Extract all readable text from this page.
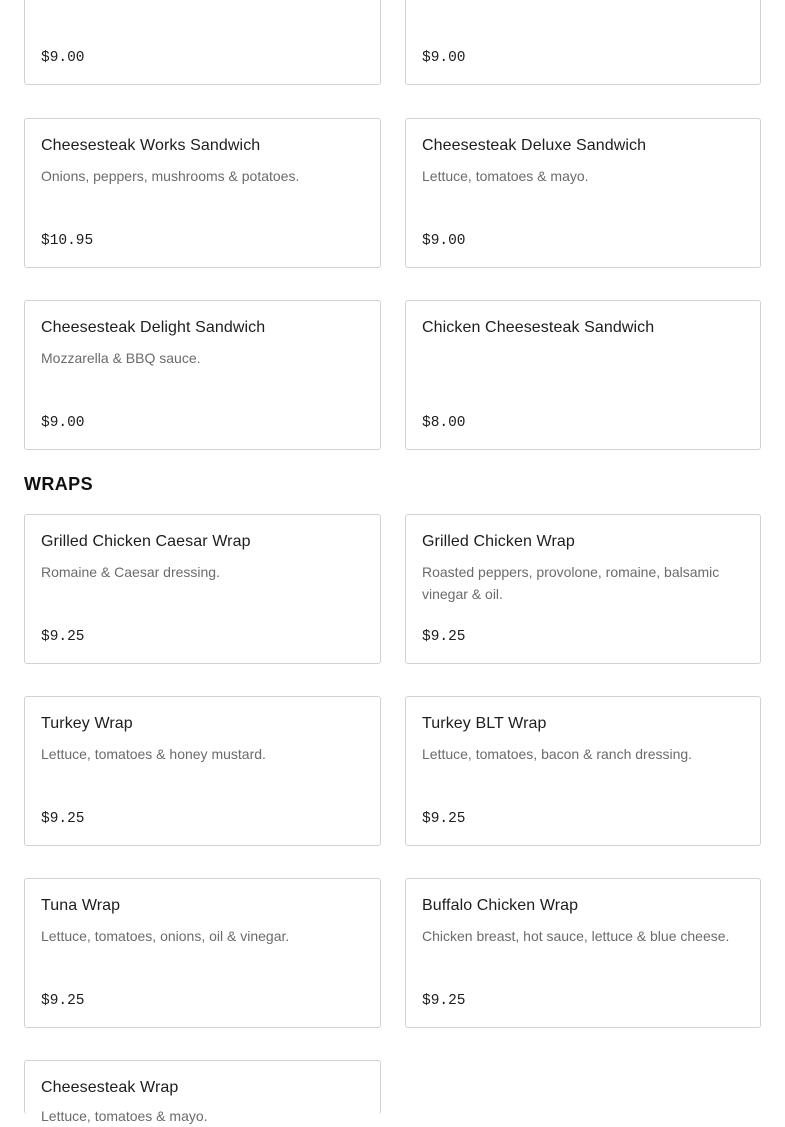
$9.00	$9.00
Cheesesteak Works Sandwich
Onions, peppers, mushrooms & potatoes.
$10.95
Cheesesteak Deluxe Sandwich
Lettuce, tomatoes & mayo.
$9.00
Cheesesteak Delight Sandwich
Mozzarella & BBQ sauce.
$9.00
Chicken Cheesesteak Sandwich
$8.00
WRAPS
Grilled Chicken Caesar Wrap
Romaine & Caesar dressing.
$9.25
Grilled Chicken Wrap
Roasted peppers, provolone, romaine, balsamic vinegar & oil.
$9.25
Turkey Wrap
Lettuce, tomatoes & honey mustard.
$9.25
Turkey BLT Wrap
Lettuce, tomatoes, bacon & ranch dressing.
$9.25
Tuna Wrap
Lettuce, tomatoes, onions, oil & vinegar.
$9.25
Buffalo Chicken Wrap
Chicken breast, hot sauce, lettuce & blue cheese.
$9.25
Cheesesteak Wrap
Lettuce, tomatoes & mayo.
